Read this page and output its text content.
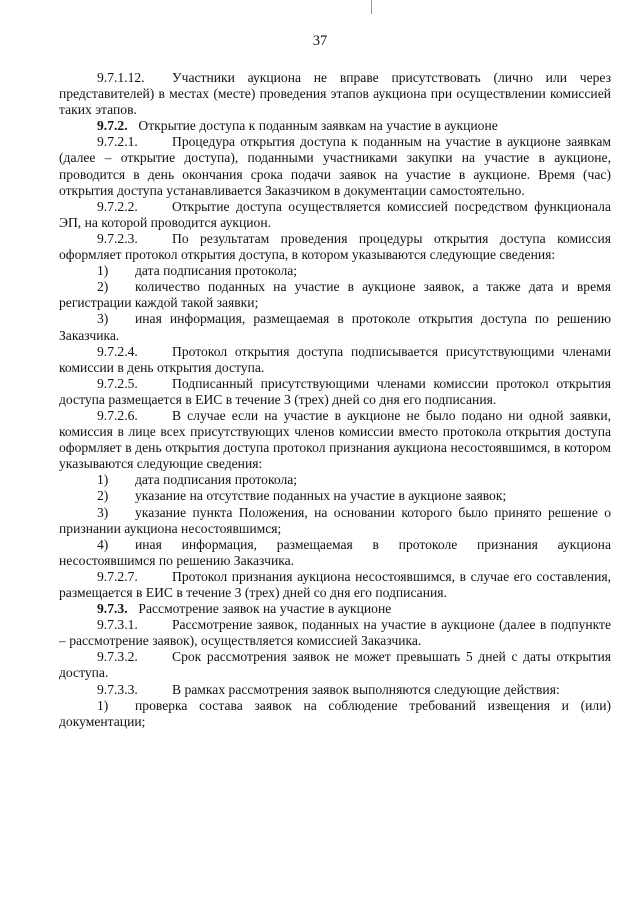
37

9.7.1.12. Участники аукциона не вправе присутствовать (лично или через представителей) в местах (месте) проведения этапов аукциона при осуществлении комиссией таких этапов.

9.7.2. Открытие доступа к поданным заявкам на участие в аукционе

9.7.2.1.	Процедура открытия доступа к поданным на участие в аукционе заявкам (далее – открытие доступа), поданными участниками закупки на участие в аукционе, проводится в день окончания срока подачи заявок на участие в аукционе. Время (час) открытия доступа устанавливается Заказчиком в документации самостоятельно.

9.7.2.2.	Открытие доступа осуществляется комиссией посредством функционала ЭП, на которой проводится аукцион.

9.7.2.3.	По результатам проведения процедуры открытия доступа комиссия оформляет протокол открытия доступа, в котором указываются следующие сведения:

1) дата подписания протокола;

2) количество поданных на участие в аукционе заявок, а также дата и время регистрации каждой такой заявки;

3) иная информация, размещаемая в протоколе открытия доступа по решению Заказчика.

9.7.2.4.	Протокол открытия доступа подписывается присутствующими членами комиссии в день открытия доступа.

9.7.2.5.	Подписанный присутствующими членами комиссии протокол открытия доступа размещается в ЕИС в течение 3 (трех) дней со дня его подписания.

9.7.2.6.	В случае если на участие в аукционе не было подано ни одной заявки, комиссия в лице всех присутствующих членов комиссии вместо протокола открытия доступа оформляет в день открытия доступа протокол признания аукциона несостоявшимся, в котором указываются следующие сведения:

1) дата подписания протокола;

2) указание на отсутствие поданных на участие в аукционе заявок;

3) указание пункта Положения, на основании которого было принято решение о признании аукциона несостоявшимся;

4) иная информация, размещаемая в протоколе признания аукциона несостоявшимся по решению Заказчика.

9.7.2.7.	Протокол признания аукциона несостоявшимся, в случае его составления, размещается в ЕИС в течение 3 (трех) дней со дня его подписания.

9.7.3. Рассмотрение заявок на участие в аукционе

9.7.3.1.	Рассмотрение заявок, поданных на участие в аукционе (далее в подпункте – рассмотрение заявок), осуществляется комиссией Заказчика.

9.7.3.2.	Срок рассмотрения заявок не может превышать 5 дней с даты открытия доступа.

9.7.3.3.	В рамках рассмотрения заявок выполняются следующие действия:

1) проверка состава заявок на соблюдение требований извещения и (или) документации;
